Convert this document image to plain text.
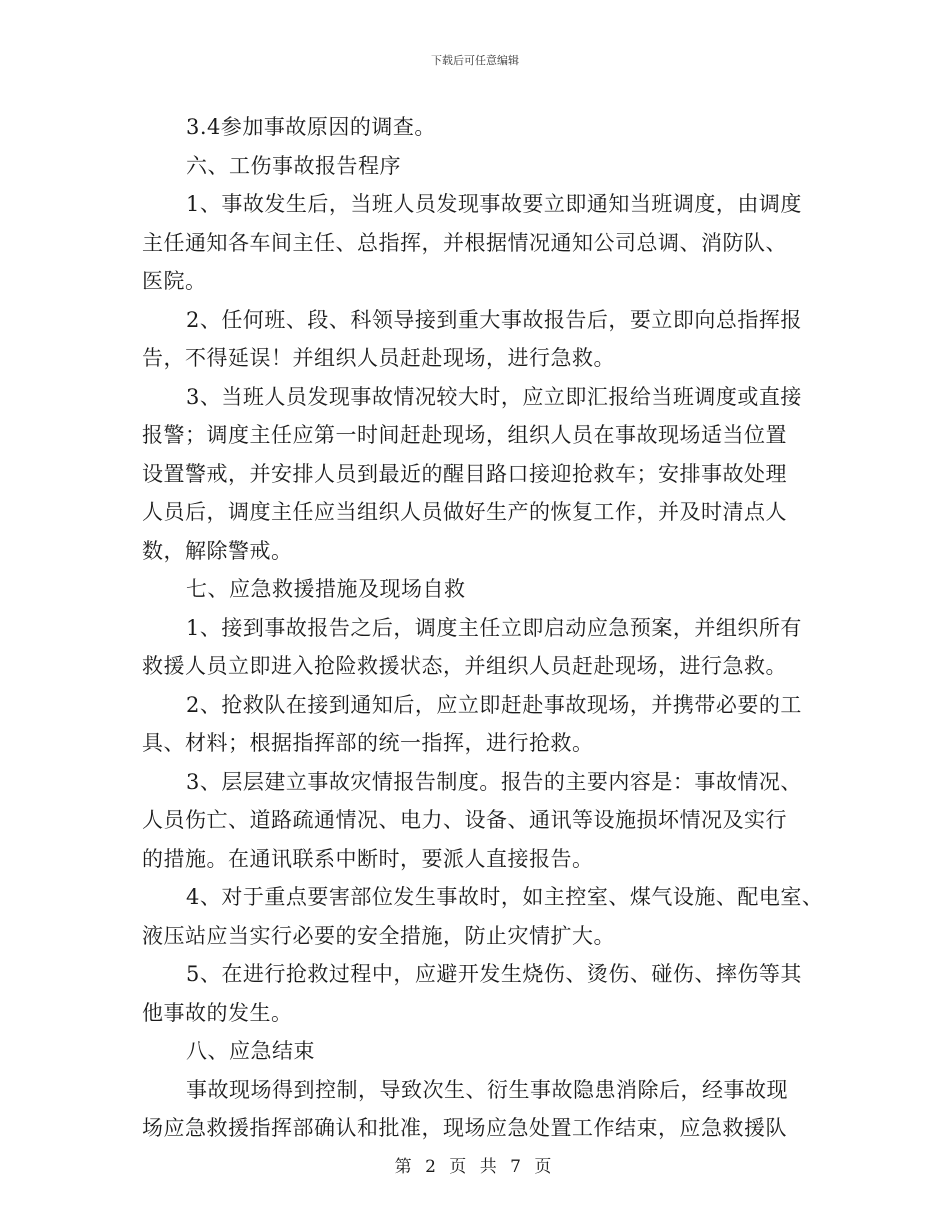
下载后可任意编辑
3.4参加事故原因的调查。
六、工伤事故报告程序
1、事故发生后，当班人员发现事故要立即通知当班调度，由调度
主任通知各车间主任、总指挥，并根据情况通知公司总调、消防队、
医院。
2、任何班、段、科领导接到重大事故报告后，要立即向总指挥报
告，不得延误！并组织人员赶赴现场，进行急救。
3、当班人员发现事故情况较大时，应立即汇报给当班调度或直接
报警；调度主任应第一时间赶赴现场，组织人员在事故现场适当位置
设置警戒，并安排人员到最近的醒目路口接迎抢救车；安排事故处理
人员后，调度主任应当组织人员做好生产的恢复工作，并及时清点人
数，解除警戒。
七、应急救援措施及现场自救
1、接到事故报告之后，调度主任立即启动应急预案，并组织所有
救援人员立即进入抢险救援状态，并组织人员赶赴现场，进行急救。
2、抢救队在接到通知后，应立即赶赴事故现场，并携带必要的工
具、材料；根据指挥部的统一指挥，进行抢救。
3、层层建立事故灾情报告制度。报告的主要内容是：事故情况、
人员伤亡、道路疏通情况、电力、设备、通讯等设施损坏情况及实行
的措施。在通讯联系中断时，要派人直接报告。
4、对于重点要害部位发生事故时，如主控室、煤气设施、配电室、
液压站应当实行必要的安全措施，防止灾情扩大。
5、在进行抢救过程中，应避开发生烧伤、烫伤、碰伤、摔伤等其
他事故的发生。
八、应急结束
事故现场得到控制，导致次生、衍生事故隐患消除后，经事故现
场应急救援指挥部确认和批准，现场应急处置工作结束，应急救援队
第 2 页 共 7 页
